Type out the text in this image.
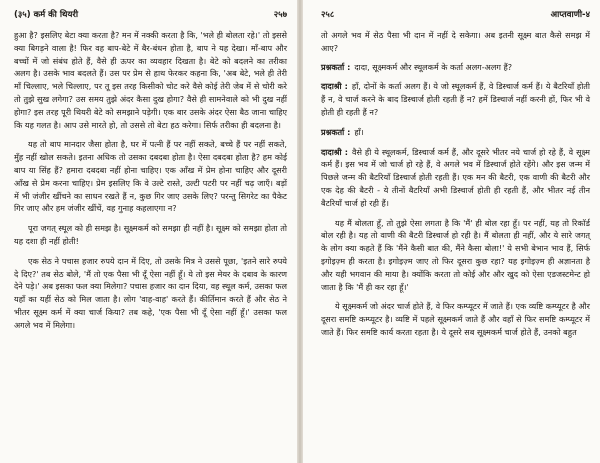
(३५) कर्म की थियरी	२५७

हुआ है? इसलिए बेटा क्या करता है? मन में नक्की करता है कि, 'भले ही बोलता रहे।' तो इससे क्या बिगड़ने वाला है! फिर वह बाप-बेटे में बैर-बंधन होता है, बाप ने यह देखा। माँ-बाप और बच्चों में जो संबंध होते हैं, वैसे ही ऊपर का व्यवहार दिखता है। बेटे को बदलने का तरीका अलग है। उसके भाव बदलते हैं। उस पर प्रेम से हाथ फेरकर कहना कि, 'अब बेटे, भले ही तेरी माँ चिल्लाए, भले चिल्लाए, पर तू इस तरह किसीको चोट करे वैसे कोई तेरी जेब में से चोरी करे तो तुझे सुख लगेगा? उस समय तुझे अंदर कैसा दुख होगा? वैसे ही सामनेवाले को भी दुख नहीं होगा? इस तरह पूरी थियरी बेटे को समझाने पड़ेगी। एक बार उसके अंदर ऐसा बैठ जाना चाहिए कि यह गलत है। आप उसे मारते हो, तो उससे तो बेटा हठ करेगा। सिर्फ तरीका ही बदलना है।

यह तो बाप मानदार जैसा होता है, घर में पत्नी हैं पर नहीं सकते, बच्चे हैं पर नहीं सकते, मुँह नहीं खोल सकते। इतना अधिक तो उसका दबदबा होता है। ऐसा दबदबा होता है? हम कोई बाप या सिंह हैं? हमारा दबदबा नहीं होना चाहिए। एक आँख में प्रेम होना चाहिए और दूसरी आँख से प्रेम करना चाहिए। प्रेम इसलिए कि वे उल्टे रास्ते, उल्टी पटरी पर नहीं चढ़ जाएँ। बड़ों में भी जंजीर खींचने का साधन रखते हैं न, कुछ गिर जाए उसके लिए? परन्तु सिगरेट का पैकेट गिर जाए और हम जंजीर खींचें, वह गुनाह कहलाएगा न?

पूरा जगत् स्थूल को ही समझ है। सूक्ष्मकर्म को समझा ही नहीं है। सूक्ष्म को समझा होता तो यह दशा ही नहीं होती!

एक सेठ ने पचास हजार रुपये दान में दिए, तो उसके मित्र ने उससे पूछा, 'इतने सारे रुपये दे दिए?' तब सेठ बोले, 'मैं तो एक पैसा भी दूँ ऐसा नहीं हूँ। ये तो इस मेयर के दबाव के कारण देने पड़े।' अब इसका फल क्या मिलेगा? पचास हजार का दान दिया, वह स्थूल कर्म, उसका फल यहाँ का यहीं सेठ को मिल जाता है। लोग 'वाह-वाह' करते हैं। कीर्तिमान करते हैं और सेठ ने भीतर सूक्ष्म कर्म में क्या चार्ज किया? तब कहे, 'एक पैसा भी दूँ ऐसा नहीं हूँ।' उसका फल अगले भव में मिलेगा।

२५८	आप्तवाणी-४

तो अगले भव में सेठ पैसा भी दान में नहीं दे सकेगा। अब इतनी सूक्ष्म बात कैसे समझ में आए?

प्रश्नकर्ता : दादा, सूक्ष्मकर्म और स्थूलकर्म के कर्ता अलग-अलग हैं?

दादाश्री : हाँ, दोनों के कर्ता अलग हैं। ये जो स्थूलकर्म हैं, वे डिस्चार्ज कर्म हैं। ये बैटरियाँ होती हैं न, वे चार्ज करने के बाद डिस्चार्ज होती रहती हैं न? हमें डिस्चार्ज नहीं करनी हों, फिर भी वे होती ही रहती हैं न?

प्रश्नकर्ता : हाँ।

दादाश्री : वैसे ही ये स्थूलकर्म, डिस्चार्ज कर्म हैं, और दूसरे भीतर नये चार्ज हो रहे हैं, वे सूक्ष्म कर्म हैं। इस भव में जो चार्ज हो रहे हैं, वे अगले भव में डिस्चार्ज होते रहेंगे। और इस जन्म में पिछले जन्म की बैटरियाँ डिस्चार्ज होती रहती हैं। एक मन की बैटरी, एक वाणी की बैटरी और एक देह की बैटरी - ये तीनों बैटरियाँ अभी डिस्चार्ज होती ही रहती हैं, और भीतर नई तीन बैटरियाँ चार्ज हो रही हैं।

यह मैं बोलता हूँ, तो तुझे ऐसा लगता है कि 'मैं' ही बोल रहा हूँ। पर नहीं, यह तो रिकॉर्ड बोल रही है। यह तो वाणी की बैटरी डिस्चार्ज हो रही है। मैं बोलता ही नहीं, और ये सारे जगत् के लोग क्या कहते हैं कि 'मैंने कैसी बात की, मैंने कैसा बोला!' ये सभी बेभान भाव हैं, सिर्फ इगोइज़्म ही करता है। इगोइज़्म जाए तो फिर दूसरा कुछ रहा? यह इगोइज़्म ही अज्ञानता है और यही भगवान की माया है। क्योंकि करता तो कोई और और खुद को ऐसा एडजस्टमेन्ट हो जाता है कि 'मैं ही कर रहा हूँ।'

ये सूक्ष्मकर्म जो अंदर चार्ज होते हैं, वे फिर कम्प्यूटर में जाते हैं। एक व्यष्टि कम्प्यूटर है और दूसरा समष्टि कम्प्यूटर है। व्यष्टि में पहले सूक्ष्मकर्म जाते हैं और वहाँ से फिर समष्टि कम्प्यूटर में जाते हैं। फिर समष्टि कार्य करता रहता है। ये दूसरे सब सूक्ष्मकर्म चार्ज होते हैं, उनको बहुत
